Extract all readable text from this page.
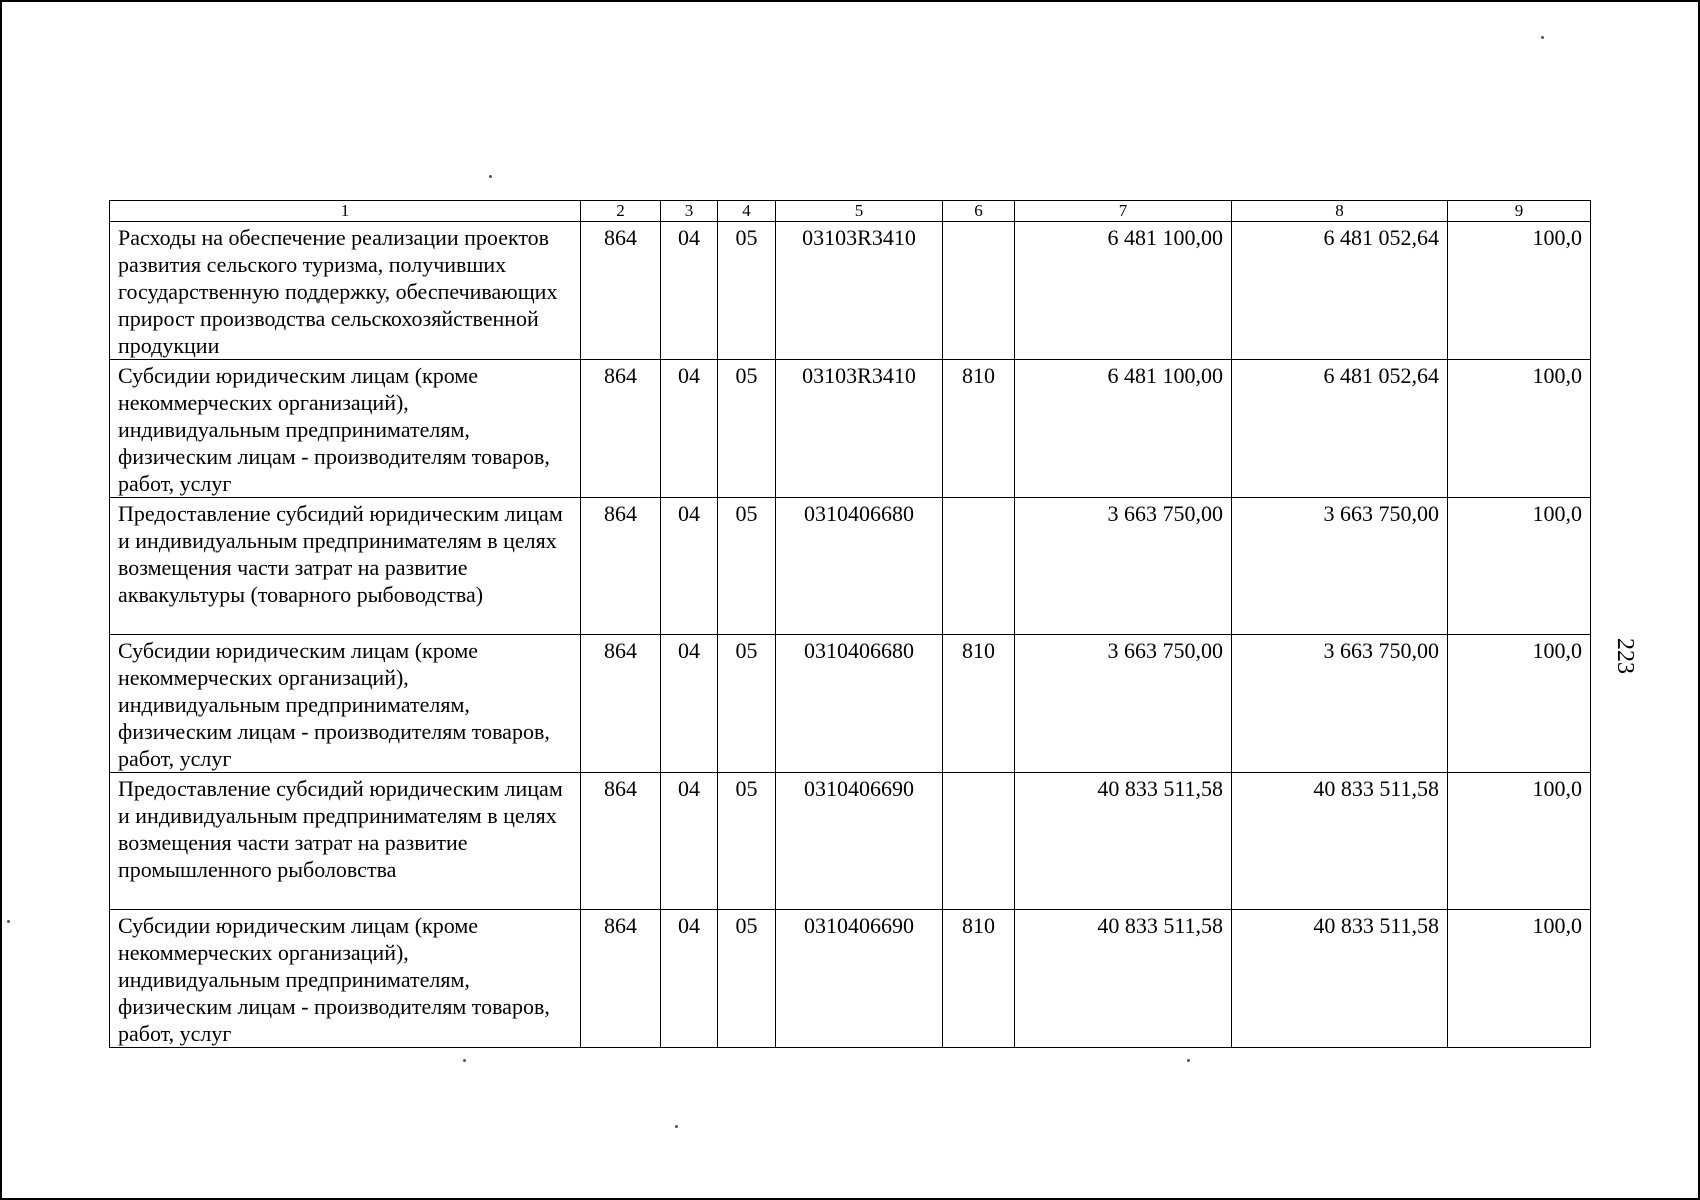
1	2	3	4	5	6	7	8	9
Расходы на обеспечение реализации проектов развития сельского туризма, получивших государственную поддержку, обеспечивающих прирост производства сельскохозяйственной продукции	864	04	05	03103R3410		6 481 100,00	6 481 052,64	100,0
Субсидии юридическим лицам (кроме некоммерческих организаций), индивидуальным предпринимателям, физическим лицам - производителям товаров, работ, услуг	864	04	05	03103R3410	810	6 481 100,00	6 481 052,64	100,0
Предоставление субсидий юридическим лицам и индивидуальным предпринимателям в целях возмещения части затрат на развитие аквакультуры (товарного рыбоводства)	864	04	05	0310406680		3 663 750,00	3 663 750,00	100,0
Субсидии юридическим лицам (кроме некоммерческих организаций), индивидуальным предпринимателям, физическим лицам - производителям товаров, работ, услуг	864	04	05	0310406680	810	3 663 750,00	3 663 750,00	100,0
Предоставление субсидий юридическим лицам и индивидуальным предпринимателям в целях возмещения части затрат на развитие промышленного рыболовства	864	04	05	0310406690		40 833 511,58	40 833 511,58	100,0
Субсидии юридическим лицам (кроме некоммерческих организаций), индивидуальным предпринимателям, физическим лицам - производителям товаров, работ, услуг	864	04	05	0310406690	810	40 833 511,58	40 833 511,58	100,0
223
